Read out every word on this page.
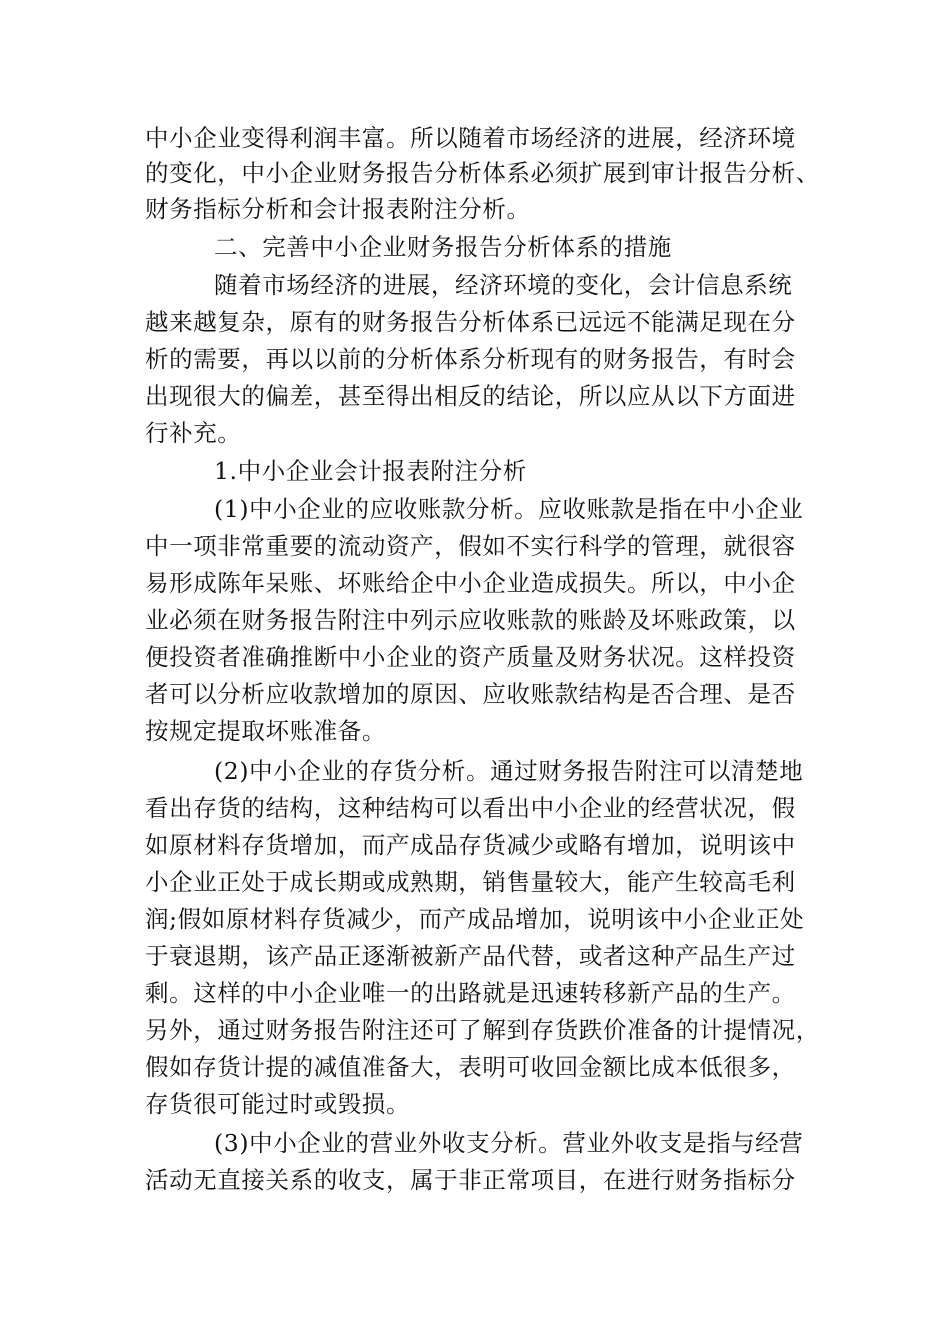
中小企业变得利润丰富。所以随着市场经济的进展，经济环境
的变化，中小企业财务报告分析体系必须扩展到审计报告分析、
财务指标分析和会计报表附注分析。
二、完善中小企业财务报告分析体系的措施
随着市场经济的进展，经济环境的变化，会计信息系统
越来越复杂，原有的财务报告分析体系已远远不能满足现在分
析的需要，再以以前的分析体系分析现有的财务报告，有时会
出现很大的偏差，甚至得出相反的结论，所以应从以下方面进
行补充。
1.中小企业会计报表附注分析
(1)中小企业的应收账款分析。应收账款是指在中小企业
中一项非常重要的流动资产，假如不实行科学的管理，就很容
易形成陈年呆账、坏账给企中小企业造成损失。所以，中小企
业必须在财务报告附注中列示应收账款的账龄及坏账政策，以
便投资者准确推断中小企业的资产质量及财务状况。这样投资
者可以分析应收款增加的原因、应收账款结构是否合理、是否
按规定提取坏账准备。
(2)中小企业的存货分析。通过财务报告附注可以清楚地
看出存货的结构，这种结构可以看出中小企业的经营状况，假
如原材料存货增加，而产成品存货减少或略有增加，说明该中
小企业正处于成长期或成熟期，销售量较大，能产生较高毛利
润;假如原材料存货减少，而产成品增加，说明该中小企业正处
于衰退期，该产品正逐渐被新产品代替，或者这种产品生产过
剩。这样的中小企业唯一的出路就是迅速转移新产品的生产。
另外，通过财务报告附注还可了解到存货跌价准备的计提情况，
假如存货计提的减值准备大，表明可收回金额比成本低很多，
存货很可能过时或毁损。
(3)中小企业的营业外收支分析。营业外收支是指与经营
活动无直接关系的收支，属于非正常项目，在进行财务指标分
